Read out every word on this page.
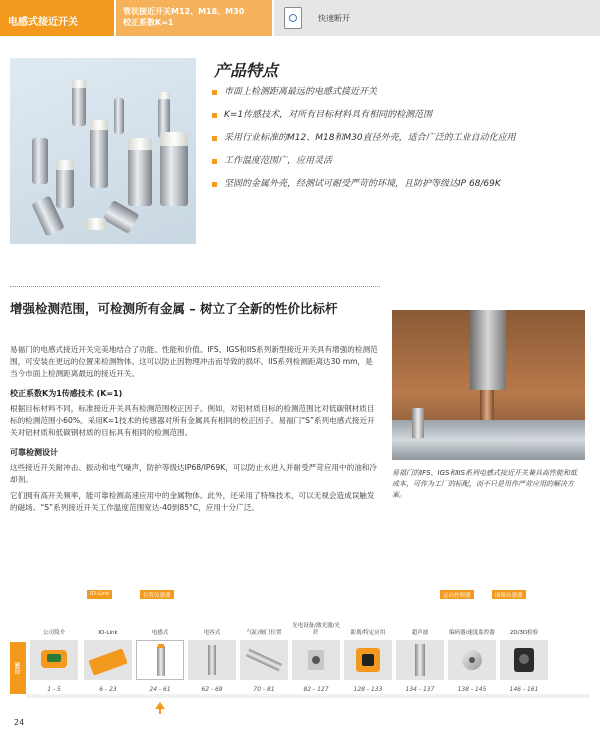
电感式接近开关
管状接近开关M12、M18、M30
校正系数K=1	快速断开
产品特点
市面上检测距离最远的电感式接近开关
K=1传感技术，对所有目标材料具有相同的检测范围
采用行业标准的M12、M18和M30直径外壳，适合广泛的工业自动化应用
工作温度范围广，应用灵活
坚固的金属外壳，经测试可耐受严苛的环境，且防护等级达IP 68/69K
增强检测范围，可检测所有金属 – 树立了全新的性价比标杆

易福门的电感式接近开关完美地结合了功能、性能和价值。IFS、IGS和IIS系列新型接近开关具有增强的检测范围，可安装在更远的位置来检测物体。这可以防止因物理冲击而导致的损坏。IIS系列检测距离达30 mm，是当今市面上检测距离最远的接近开关。

校正系数K为1传感技术 (K=1)

根据目标材料不同，标准接近开关具有检测范围校正因子。例如，对铝材质目标的检测范围比对低碳钢材质目标的检测范围小60%。采用K=1技术的传感器对所有金属具有相同的校正因子。易福门“S”系列电感式接近开关对铝材质和低碳钢材质的目标具有相同的检测范围。

可靠检测设计

这些接近开关耐冲击、振动和电气噪声，防护等级达IP68/IP69K，可以防止水进入并耐受严苛应用中的油和冷却剂。

它们拥有高开关频率，能可靠检测高速应用中的金属物体。此外，还采用了特殊技术，可以无视会造成误触发的磁场。“S”系列接近开关工作温度范围宽达-40到85°C，应用十分广泛。

易福门的IFS、IGS和IIS系列电感式接近开关兼具高性能和低成本，可作为工厂的标配，而不只是用作严苛应用的解决方案。
IO-Link	位置传感器	运动控制器	图像传感器
目录
公司简介
1 - 5
IO-Link
6 - 23
电感式
24 - 61
电容式
62 - 69
气缸/阀门位置
70 - 81
光电设备/激光器/光纤
82 - 127
距离/特定应用
128 - 133
超声波
134 - 137
编码器/速度监控器
138 - 145
2D/3D检验
146 - 161
24
